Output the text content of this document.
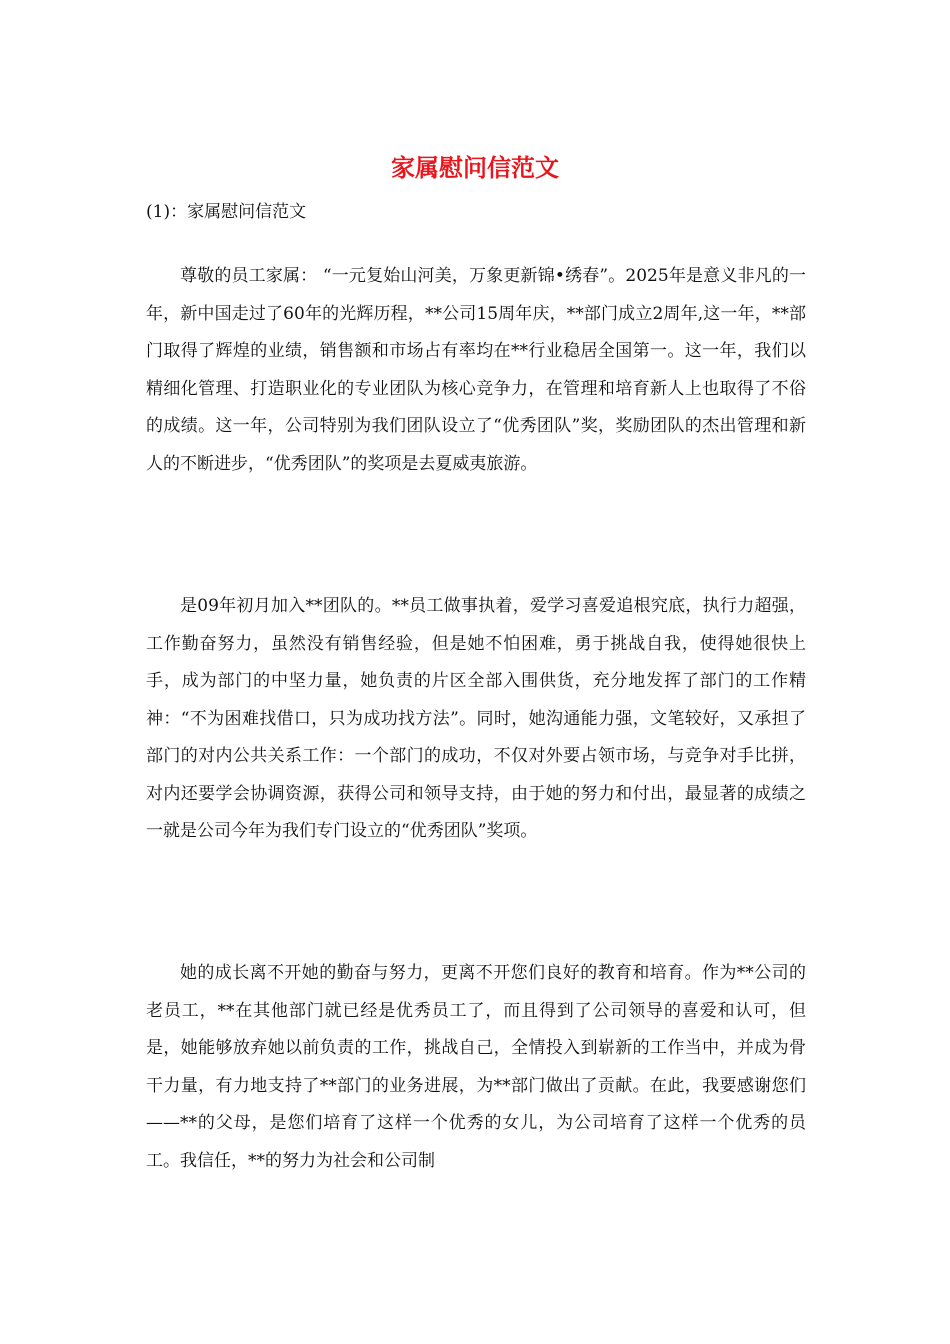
家属慰问信范文

(1)：家属慰问信范文

尊敬的员工家属： “一元复始山河美，万象更新锦•绣春”。2025年是意义非凡的一年，新中国走过了60年的光辉历程，**公司15周年庆，**部门成立2周年,这一年，**部门取得了辉煌的业绩，销售额和市场占有率均在**行业稳居全国第一。这一年，我们以精细化管理、打造职业化的专业团队为核心竞争力，在管理和培育新人上也取得了不俗的成绩。这一年，公司特别为我们团队设立了“优秀团队”奖，奖励团队的杰出管理和新人的不断进步，“优秀团队”的奖项是去夏威夷旅游。

是09年初月加入**团队的。**员工做事执着，爱学习喜爱追根究底，执行力超强，工作勤奋努力，虽然没有销售经验，但是她不怕困难，勇于挑战自我，使得她很快上手，成为部门的中坚力量，她负责的片区全部入围供货，充分地发挥了部门的工作精神：“不为困难找借口，只为成功找方法”。同时，她沟通能力强，文笔较好，又承担了部门的对内公共关系工作：一个部门的成功，不仅对外要占领市场，与竞争对手比拼，对内还要学会协调资源，获得公司和领导支持，由于她的努力和付出，最显著的成绩之一就是公司今年为我们专门设立的“优秀团队”奖项。

她的成长离不开她的勤奋与努力，更离不开您们良好的教育和培育。作为**公司的老员工，**在其他部门就已经是优秀员工了，而且得到了公司领导的喜爱和认可，但是，她能够放弃她以前负责的工作，挑战自己，全情投入到崭新的工作当中，并成为骨干力量，有力地支持了**部门的业务进展，为**部门做出了贡献。在此，我要感谢您们——**的父母，是您们培育了这样一个优秀的女儿，为公司培育了这样一个优秀的员工。我信任，**的努力为社会和公司制
